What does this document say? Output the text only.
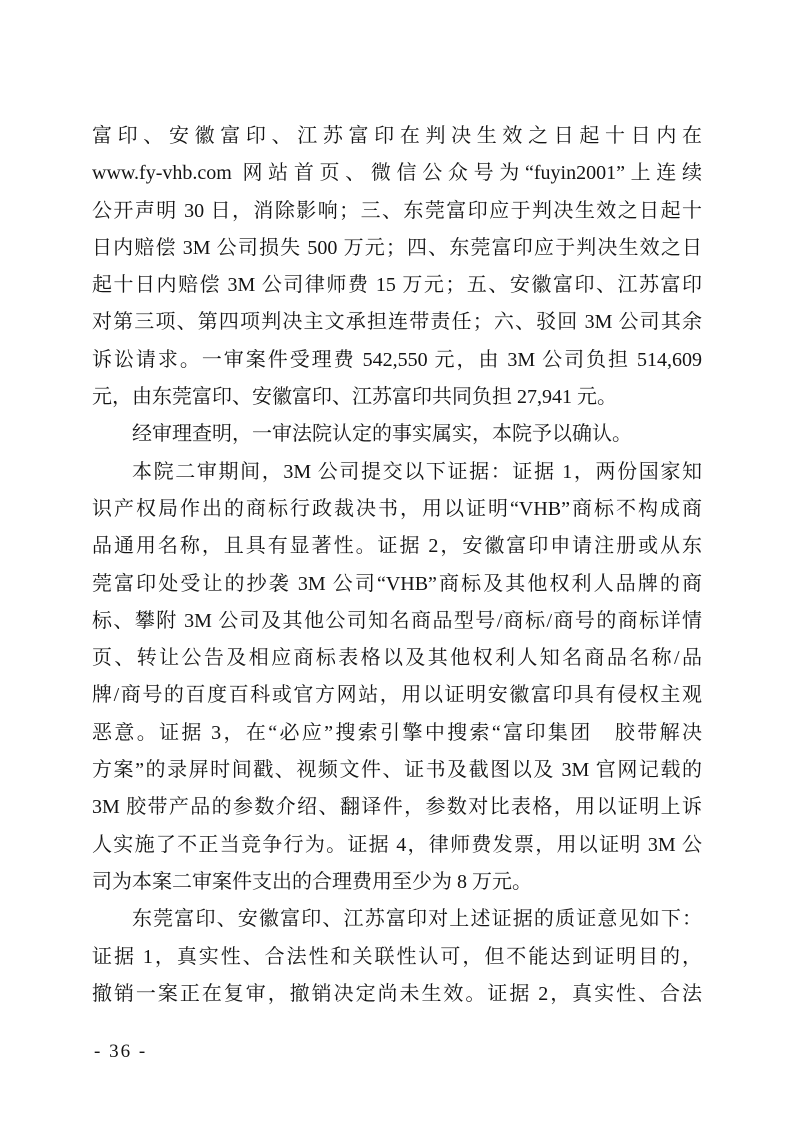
富印、安徽富印、江苏富印在判决生效之日起十日内在
www.fy-vhb.com 网站首页、微信公众号为“fuyin2001”上连续
公开声明 30 日，消除影响；三、东莞富印应于判决生效之日起十
日内赔偿 3M 公司损失 500 万元；四、东莞富印应于判决生效之日
起十日内赔偿 3M 公司律师费 15 万元；五、安徽富印、江苏富印
对第三项、第四项判决主文承担连带责任；六、驳回 3M 公司其余
诉讼请求。一审案件受理费 542,550 元，由 3M 公司负担 514,609
元，由东莞富印、安徽富印、江苏富印共同负担 27,941 元。
经审理查明，一审法院认定的事实属实，本院予以确认。
本院二审期间，3M 公司提交以下证据：证据 1，两份国家知
识产权局作出的商标行政裁决书，用以证明“VHB”商标不构成商
品通用名称，且具有显著性。证据 2，安徽富印申请注册或从东
莞富印处受让的抄袭 3M 公司“VHB”商标及其他权利人品牌的商
标、攀附 3M 公司及其他公司知名商品型号/商标/商号的商标详情
页、转让公告及相应商标表格以及其他权利人知名商品名称/品
牌/商号的百度百科或官方网站，用以证明安徽富印具有侵权主观
恶意。证据 3，在“必应”搜索引擎中搜索“富印集团　胶带解决
方案”的录屏时间戳、视频文件、证书及截图以及 3M 官网记载的
3M 胶带产品的参数介绍、翻译件，参数对比表格，用以证明上诉
人实施了不正当竞争行为。证据 4，律师费发票，用以证明 3M 公
司为本案二审案件支出的合理费用至少为 8 万元。
东莞富印、安徽富印、江苏富印对上述证据的质证意见如下：
证据 1，真实性、合法性和关联性认可，但不能达到证明目的，
撤销一案正在复审，撤销决定尚未生效。证据 2，真实性、合法
- 36 -
